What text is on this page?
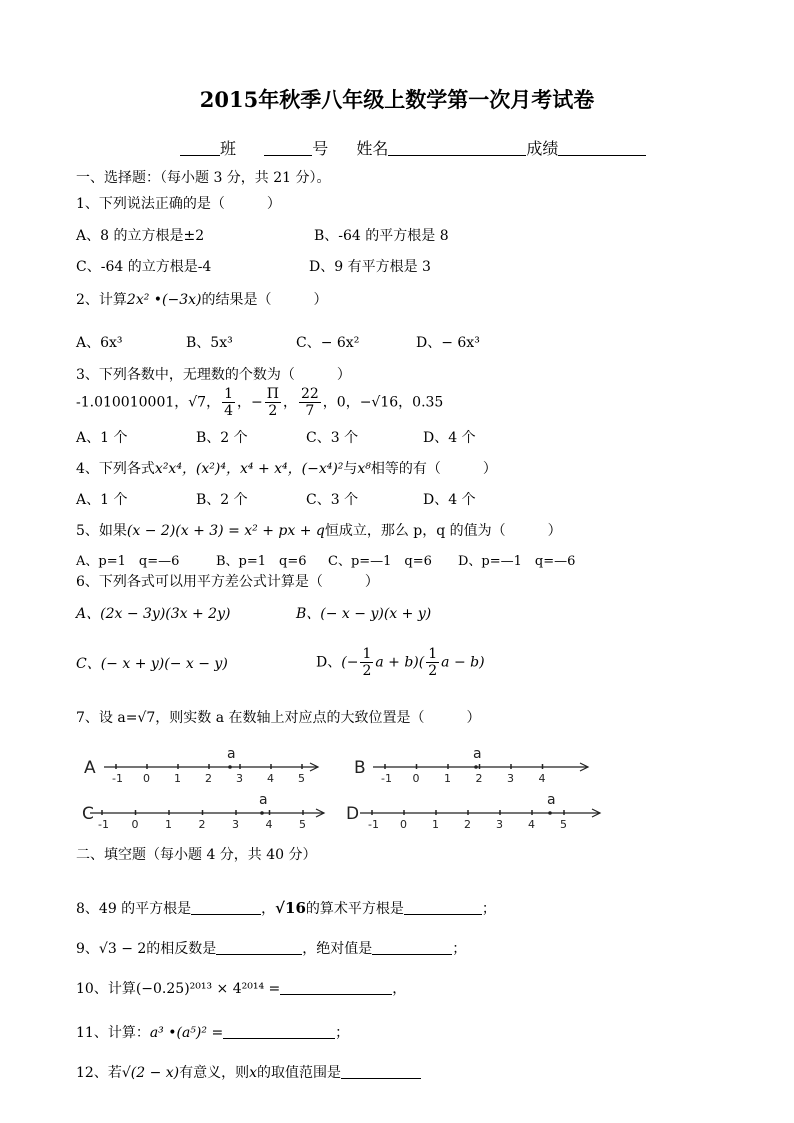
2015年秋季八年级上数学第一次月考试卷
班	号 姓名	成绩
一、选择题：（每小题 3 分，共 21 分）。
1、下列说法正确的是（　　　）
A、8 的立方根是±2	B、-64 的平方根是 8
C、-64 的立方根是-4	D、9 有平方根是 3
2、计算2x² •(−3x)的结果是（　　　）
A、6x³	B、5x³	C、− 6x²	D、− 6x³
3、下列各数中，无理数的个数为（　　　）
-1.010010001，√7， $\frac{1}{4}$ ，− $\frac{\Pi}{2}$ ， $\frac{22}{7}$ ，0，−√16，0.35
A、1 个	B、2 个	C、3 个	D、4 个
4、下列各式x²x⁴，(x²)⁴，x⁴ + x⁴，(−x⁴)²与x⁸相等的有（　　　）
A、1 个	B、2 个	C、3 个	D、4 个
5、如果(x − 2)(x + 3) = x² + px + q恒成立，那么 p，q 的值为（　　　）
A、p=1　q=—6	B、p=1　q=6 C、p=—1　q=6 D、p=—1　q=—6
6、下列各式可以用平方差公式计算是（　　　）
A、(2x − 3y)(3x + 2y)	B、(− x − y)(x + y)
C、(− x + y)(− x − y)	D、(− $\frac{1}{2}$ $a + b)( \frac{1}{2}$ a − b)
7、设 a=√7，则实数 a 在数轴上对应点的大致位置是（　　　）
A
-1 0 1 2 3 4 5
a
B
-1 0 1 2 3 4
a
C
-1 0 1 2 3 4 5
a
D
-1 0 1 2 3 4 5
a
二、填空题（每小题 4 分，共 40 分）
8、49 的平方根是	，√16的算术平方根是	；
9、√3 − 2的相反数是	，绝对值是	；
10、计算(−0.25)²⁰¹³ × 4²⁰¹⁴ =	，
11、计算：a³ •(a⁵)² =	；
12、若√(2 − x)有意义，则x的取值范围是
